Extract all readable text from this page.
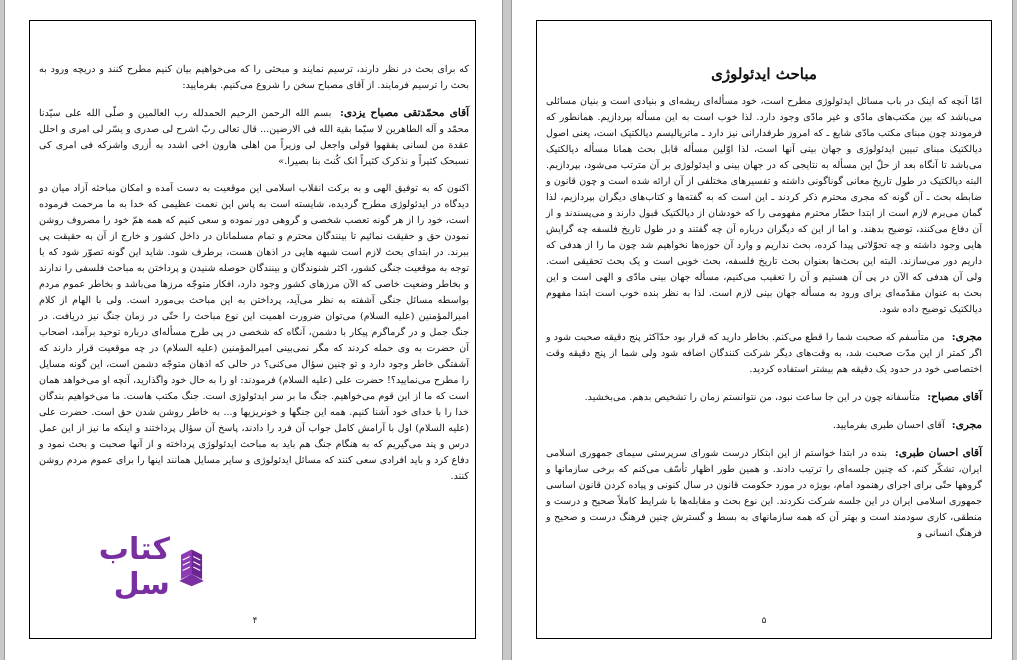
که برای بحث در نظر دارند، ترسیم نمایند و مبحثی را که می‌خواهیم بیان کنیم مطرح کنند و دریچه ورود به بحث را ترسیم فرمایند. از آقای مصباح سخن را شروع می‌کنیم. بفرمایید:

آقای محمّدتقی مصباح یزدی: بسم الله الرحمن الرحیم الحمدلله رب العالمین و صلّی الله علی سیّدنا محمّد و آله الطاهرین لا سیّما بقیة الله فی الارضین... قال تعالی ربّ اشرح لی صدری و یسّر لی امری و احلل عقدة من لسانی یفقهوا قولی واجعل لی وزیراً من اهلی هارون اخی اشدد به أزری واشرکه فی امری کی نسبحک کثیراً و نذکرک کثیراً انک کُنتَ بنا بصیرا.»

اکنون که به توفیق الهی و به برکت انقلاب اسلامی این موقعیت به دست آمده و امکان مباحثه آزاد میان دو دیدگاه در ایدئولوژی مطرح گردیده، شایسته است به پاس این نعمت عظیمی که خدا به ما مرحمت فرموده است، خود را از هر گونه تعصب شخصی و گروهی دور نموده و سعی کنیم که همه همّ خود را مصروف روشن نمودن حق و حقیقت نمائیم تا بینندگان محترم و تمام مسلمانان در داخل کشور و خارج از آن به حقیقت پی ببرند. در ابتدای بحث لازم است شبهه هایی در اذهان هست، برطرف شود. شاید این گونه تصوّر شود که با توجه به موقعیت جنگی کشور، اکثر شنوندگان و بینندگان حوصله شنیدن و پرداختن به مباحث فلسفی را ندارند و بخاطر وضعیت خاصی که الآن مرزهای کشور وجود دارد، افکار متوجّه مرزها می‌باشد و بخاطر عموم مردم بواسطه مسائل جنگی آشفته به نظر می‌آید، پرداختن به این مباحث بی‌مورد است. ولی با الهام از کلام امیرالمؤمنین (علیه السلام) می‌توان ضرورت اهمیت این نوع مباحث را حتّی در زمان جنگ نیز دریافت. در جنگ جمل و در گرماگرم پیکار با دشمن، آنگاه که شخصی در پی طرح مسأله‌ای درباره توحید برآمد، اصحاب آن حضرت به وی حمله کردند که مگر نمی‌بینی امیرالمؤمنین (علیه السلام) در چه موقعیت قرار دارند که آشفتگی خاطر وجود دارد و تو چنین سؤال می‌کنی؟ در حالی که اذهان متوجّه دشمن است، این گونه مسایل را مطرح می‌نمایید؟! حضرت علی (علیه السلام) فرمودند: او را به حال خود واگذارید، آنچه او می‌خواهد همان است که ما از این قوم می‌خواهیم. جنگ ما بر سر ایدئولوژی است. جنگ مکتب هاست. ما می‌خواهیم بندگان خدا را با خدای خود آشنا کنیم. همه این جنگها و خونریزیها و... به خاطر روشن شدن حق است. حضرت علی (علیه السلام) اول با آرامش کامل جواب آن فرد را دادند، پاسخ آن سؤال پرداختند و اینکه ما نیز از این عمل درس و پند می‌گیریم که به هنگام جنگ هم باید به مباحث ایدئولوژی پرداخته و از آنها صحبت و بحث نمود و دفاع کرد و باید افرادی سعی کنند که مسائل ایدئولوژی و سایر مسایل همانند اینها را برای عموم مردم روشن کنند.

۴
کتاب سل
مباحث ایدئولوژی

امّا آنچه که اینک در باب مسائل ایدئولوژی مطرح است، خود مسأله‌ای ریشه‌ای و بنیادی است و بنیان مسائلی می‌باشد که بین مکتب‌های مادّی و غیر مادّی وجود دارد. لذا خوب است به این مسأله بپردازیم. همانطور که فرمودند چون مبنای مکتب مادّی شایع ـ که امروز طرفدارانی نیز دارد ـ ماتریالیسم دیالکتیک است، یعنی اصول دیالکتیک مبنای تبیین ایدئولوژی و جهان بینی آنها است، لذا اوّلین مسأله قابل بحث همانا مسأله دیالکتیک می‌باشد تا آنگاه بعد از حلّ این مسأله به نتایجی که در جهان بینی و ایدئولوژی بر آن مترتب می‌شود، بپردازیم. البته دیالکتیک در طول تاریخ معانی گوناگونی داشته و تفسیرهای مختلفی از آن ارائه شده است و چون قانون و ضابطه بحث ـ آن گونه که مجری محترم ذکر کردند ـ این است که به گفته‌ها و کتاب‌های دیگران بپردازیم، لذا گمان می‌برم لازم است از ابتدا حضّار محترم مفهومی را که خودشان از دیالکتیک قبول دارند و می‌پسندند و از آن دفاع می‌کنند، توضیح بدهند. و اما از این که دیگران درباره آن چه گفتند و در طول تاریخ فلسفه چه گرایش هایی وجود داشته و چه تحوّلاتی پیدا کرده، بحث نداریم و وارد آن حوزه‌ها نخواهیم شد چون ما را از هدفی که داریم دور می‌سازند. البته این بحث‌ها بعنوان بحث تاریخ فلسفه، بحث خوبی است و یک بحث تحقیقی است. ولی آن هدفی که الآن در پی آن هستیم و آن را تعقیب می‌کنیم، مسأله جهان بینی مادّی و الهی است و این بحث به عنوان مقدّمه‌ای برای ورود به مسأله جهان بینی لازم است. لذا به نظر بنده خوب است ابتدا مفهوم دیالکتیک توضیح داده شود.

مجری: من متأسفم که صحبت شما را قطع می‌کنم. بخاطر دارید که قرار بود حدّاکثر پنج دقیقه صحبت شود و اگر کمتر از این مدّت صحبت شد، به وقت‌های دیگر شرکت کنندگان اضافه شود ولی شما از پنج دقیقه وقت اختصاصی خود در حدود یک دقیقه هم بیشتر استفاده کردید.

آقای مصباح: متأسفانه چون در این جا ساعت نبود، من نتوانستم زمان را تشخیص بدهم. می‌بخشید.

مجری: آقای احسان طبری بفرمایید.

آقای احسان طبری: بنده در ابتدا خواستم از این ابتکار درست شورای سرپرستی سیمای جمهوری اسلامی ایران، تشکّر کنم، که چنین جلسه‌ای را ترتیب دادند. و همین طور اظهار تأسّف می‌کنم که برخی سازمانها و گروهها حتّی برای اجرای رهنمود امام، بویژه در مورد حکومت قانون در سال کنونی و پیاده کردن قانون اساسی جمهوری اسلامی ایران در این جلسه شرکت نکردند. این نوع بحث و مقابله‌ها با شرایط کاملاً صحیح و درست و منطقی، کاری سودمند است و بهتر آن که همه سازمانهای به بسط و گسترش چنین فرهنگ درست و صحیح و فرهنگ انسانی و

۵
